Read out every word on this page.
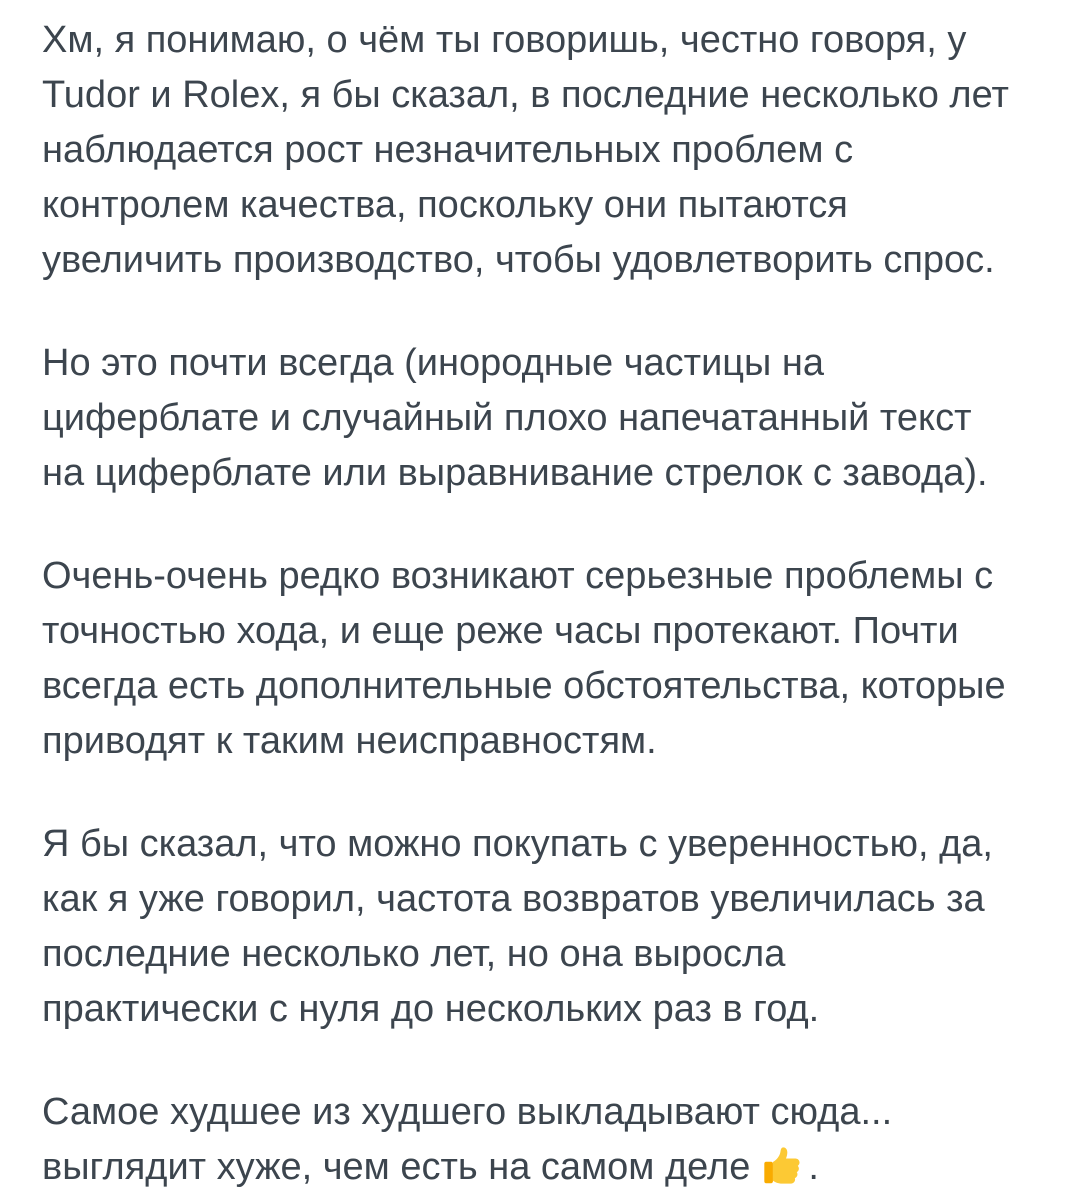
Хм, я понимаю, о чём ты говоришь, честно говоря, у
Tudor и Rolex, я бы сказал, в последние несколько лет
наблюдается рост незначительных проблем с
контролем качества, поскольку они пытаются
увеличить производство, чтобы удовлетворить спрос.
Но это почти всегда (инородные частицы на
циферблате и случайный плохо напечатанный текст
на циферблате или выравнивание стрелок с завода).
Очень-очень редко возникают серьезные проблемы с
точностью хода, и еще реже часы протекают. Почти
всегда есть дополнительные обстоятельства, которые
приводят к таким неисправностям.
Я бы сказал, что можно покупать с уверенностью, да,
как я уже говорил, частота возвратов увеличилась за
последние несколько лет, но она выросла
практически с нуля до нескольких раз в год.
Самое худшее из худшего выкладывают сюда...
выглядит хуже, чем есть на самом деле .
